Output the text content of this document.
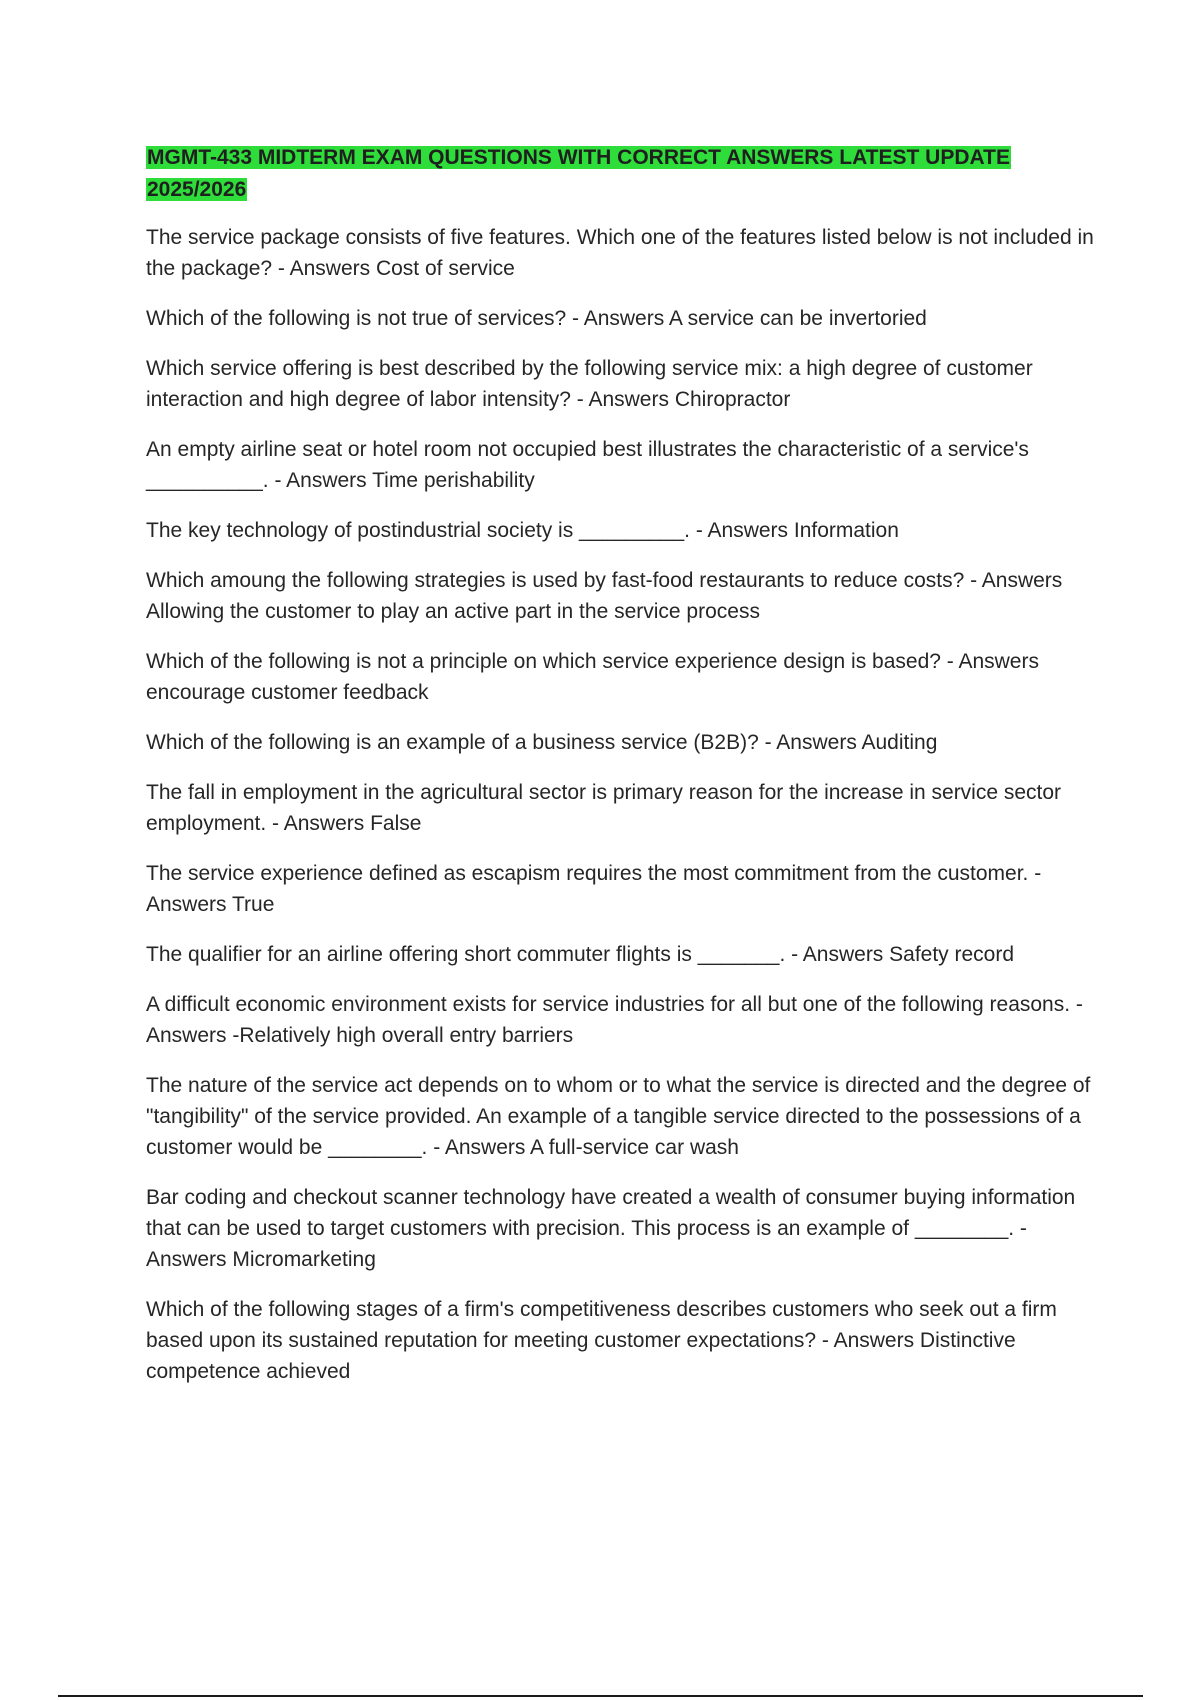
MGMT-433 MIDTERM EXAM QUESTIONS WITH CORRECT ANSWERS LATEST UPDATE
2025/2026

The service package consists of five features. Which one of the features listed below is not included in the package? - Answers Cost of service

Which of the following is not true of services? - Answers A service can be invertoried

Which service offering is best described by the following service mix: a high degree of customer interaction and high degree of labor intensity? - Answers Chiropractor

An empty airline seat or hotel room not occupied best illustrates the characteristic of a service's __________. - Answers Time perishability

The key technology of postindustrial society is _________. - Answers Information

Which amoung the following strategies is used by fast-food restaurants to reduce costs? - Answers Allowing the customer to play an active part in the service process

Which of the following is not a principle on which service experience design is based? - Answers encourage customer feedback

Which of the following is an example of a business service (B2B)? - Answers Auditing

The fall in employment in the agricultural sector is primary reason for the increase in service sector employment. - Answers False

The service experience defined as escapism requires the most commitment from the customer. - Answers True

The qualifier for an airline offering short commuter flights is _______. - Answers Safety record

A difficult economic environment exists for service industries for all but one of the following reasons. - Answers -Relatively high overall entry barriers

The nature of the service act depends on to whom or to what the service is directed and the degree of "tangibility" of the service provided. An example of a tangible service directed to the possessions of a customer would be ________. - Answers A full-service car wash

Bar coding and checkout scanner technology have created a wealth of consumer buying information that can be used to target customers with precision. This process is an example of ________. - Answers Micromarketing

Which of the following stages of a firm's competitiveness describes customers who seek out a firm based upon its sustained reputation for meeting customer expectations? - Answers Distinctive competence achieved
